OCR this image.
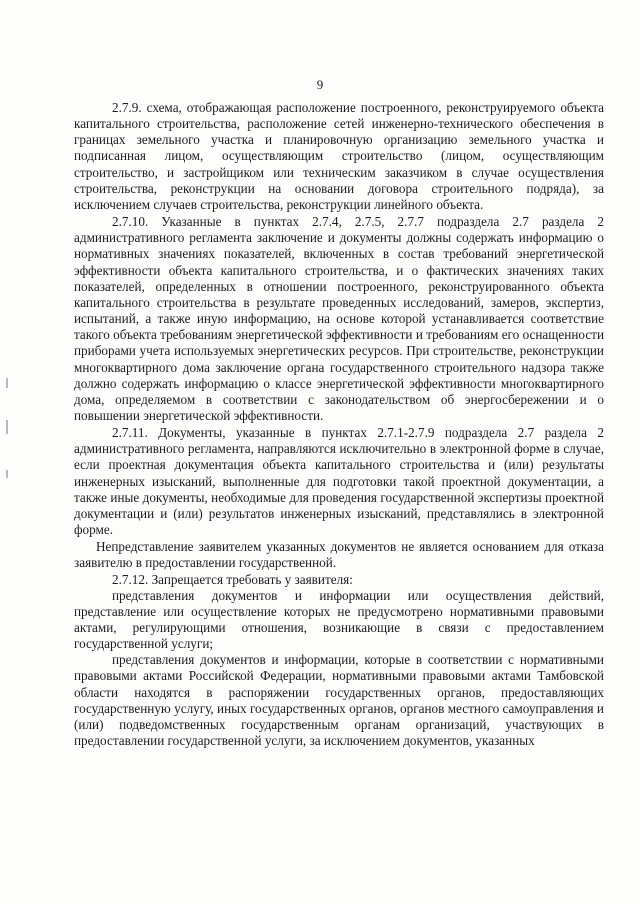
9

2.7.9. схема, отображающая расположение построенного, реконструируемого объекта капитального строительства, расположение сетей инженерно-технического обеспечения в границах земельного участка и планировочную организацию земельного участка и подписанная лицом, осуществляющим строительство (лицом, осуществляющим строительство, и застройщиком или техническим заказчиком в случае осуществления строительства, реконструкции на основании договора строительного подряда), за исключением случаев строительства, реконструкции линейного объекта.

2.7.10. Указанные в пунктах 2.7.4, 2.7.5, 2.7.7 подраздела 2.7 раздела 2 административного регламента заключение и документы должны содержать информацию о нормативных значениях показателей, включенных в состав требований энергетической эффективности объекта капитального строительства, и о фактических значениях таких показателей, определенных в отношении построенного, реконструированного объекта капитального строительства в результате проведенных исследований, замеров, экспертиз, испытаний, а также иную информацию, на основе которой устанавливается соответствие такого объекта требованиям энергетической эффективности и требованиям его оснащенности приборами учета используемых энергетических ресурсов. При строительстве, реконструкции многоквартирного дома заключение органа государственного строительного надзора также должно содержать информацию о классе энергетической эффективности многоквартирного дома, определяемом в соответствии с законодательством об энергосбережении и о повышении энергетической эффективности.

2.7.11. Документы, указанные в пунктах 2.7.1-2.7.9 подраздела 2.7 раздела 2 административного регламента, направляются исключительно в электронной форме в случае, если проектная документация объекта капитального строительства и (или) результаты инженерных изысканий, выполненные для подготовки такой проектной документации, а также иные документы, необходимые для проведения государственной экспертизы проектной документации и (или) результатов инженерных изысканий, представлялись в электронной форме.

Непредставление заявителем указанных документов не является основанием для отказа заявителю в предоставлении государственной.

2.7.12. Запрещается требовать у заявителя:

представления документов и информации или осуществления действий, представление или осуществление которых не предусмотрено нормативными правовыми актами, регулирующими отношения, возникающие в связи с предоставлением государственной услуги;

представления документов и информации, которые в соответствии с нормативными правовыми актами Российской Федерации, нормативными правовыми актами Тамбовской области находятся в распоряжении государственных органов, предоставляющих государственную услугу, иных государственных органов, органов местного самоуправления и (или) подведомственных государственным органам организаций, участвующих в предоставлении государственной услуги, за исключением документов, указанных
